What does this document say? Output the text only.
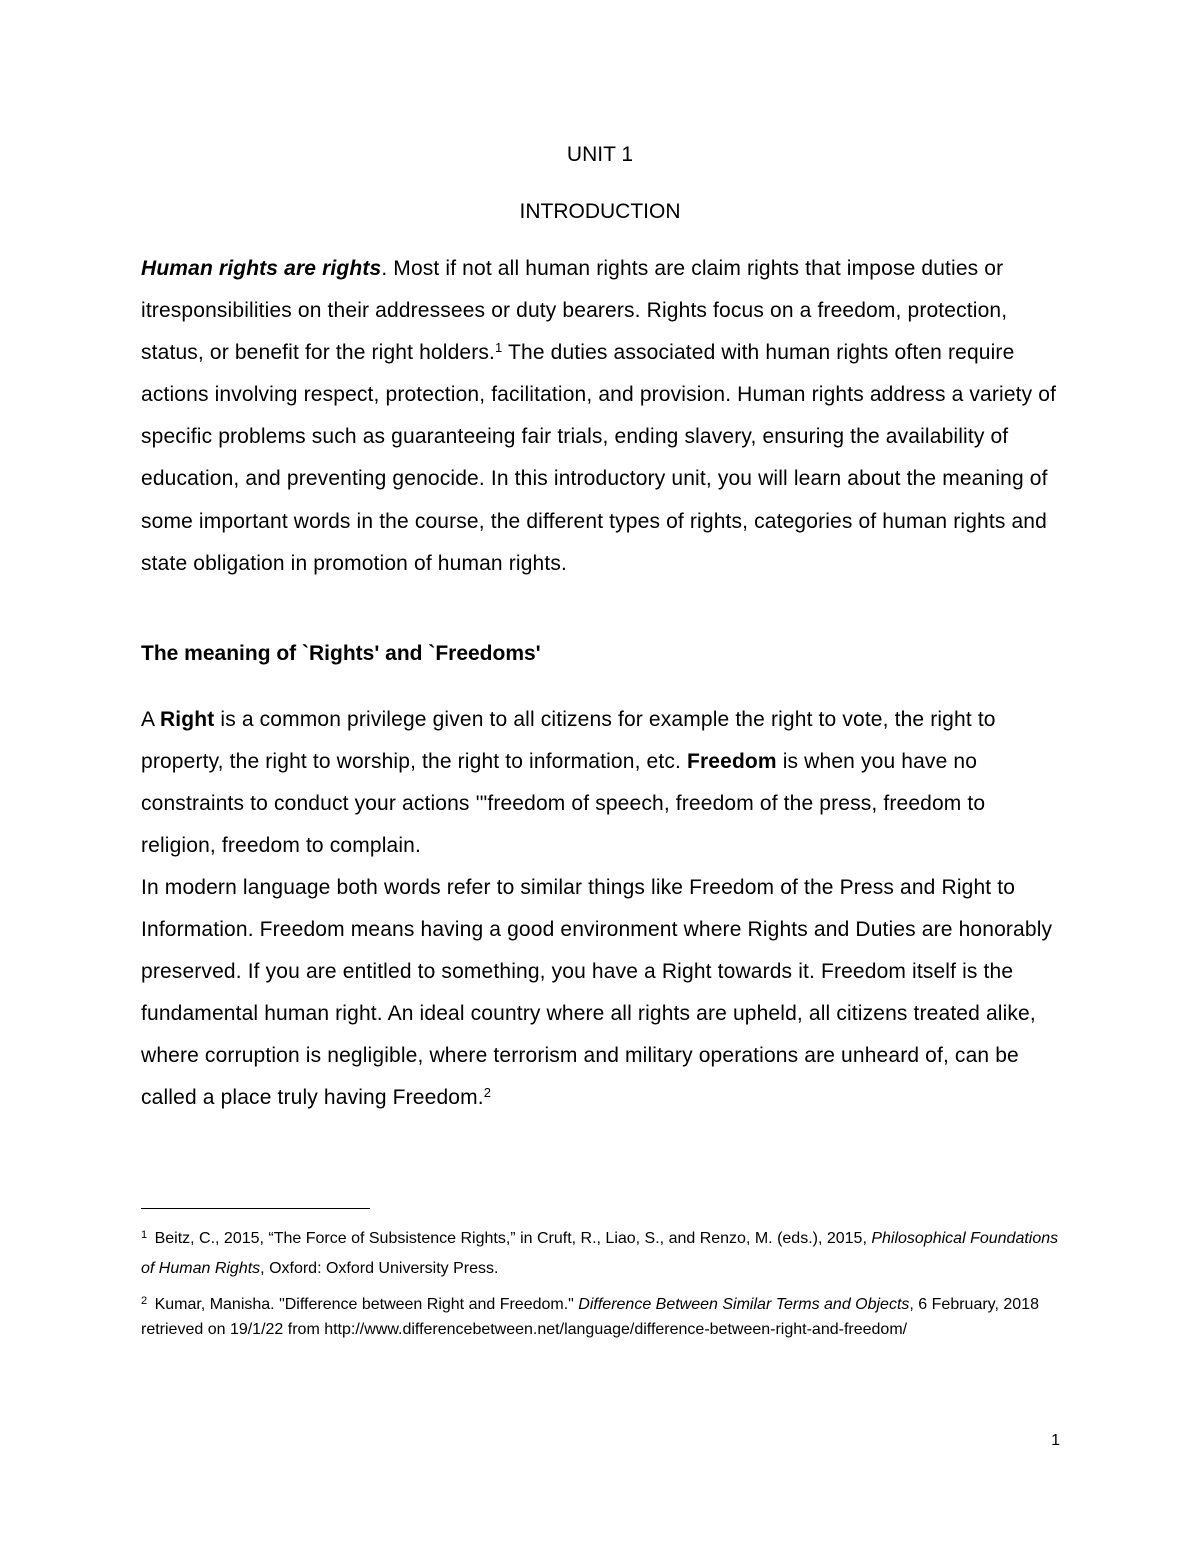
UNIT 1
INTRODUCTION

Human rights are rights. Most if not all human rights are claim rights that impose duties or itresponsibilities on their addressees or duty bearers. Rights focus on a freedom, protection, status, or benefit for the right holders.$^1$ The duties associated with human rights often require actions involving respect, protection, facilitation, and provision. Human rights address a variety of specific problems such as guaranteeing fair trials, ending slavery, ensuring the availability of education, and preventing genocide. In this introductory unit, you will learn about the meaning of some important words in the course, the different types of rights, categories of human rights and state obligation in promotion of human rights.

The meaning of `Rights' and `Freedoms'

A Right is a common privilege given to all citizens for example the right to vote, the right to property, the right to worship, the right to information, etc. Freedom is when you have no constraints to conduct your actions '"freedom of speech, freedom of the press, freedom to religion, freedom to complain.

In modern language both words refer to similar things like Freedom of the Press and Right to Information. Freedom means having a good environment where Rights and Duties are honorably preserved. If you are entitled to something, you have a Right towards it. Freedom itself is the fundamental human right. An ideal country where all rights are upheld, all citizens treated alike, where corruption is negligible, where terrorism and military operations are unheard of, can be called a place truly having Freedom.$^2$

$^1$ Beitz, C., 2015, “The Force of Subsistence Rights,” in Cruft, R., Liao, S., and Renzo, M. (eds.), 2015, Philosophical Foundations of Human Rights, Oxford: Oxford University Press.

$^2$ Kumar, Manisha. "Difference between Right and Freedom." Difference Between Similar Terms and Objects, 6 February, 2018 retrieved on 19/1/22 from http://www.differencebetween.net/language/difference-between-right-and-freedom/

1
